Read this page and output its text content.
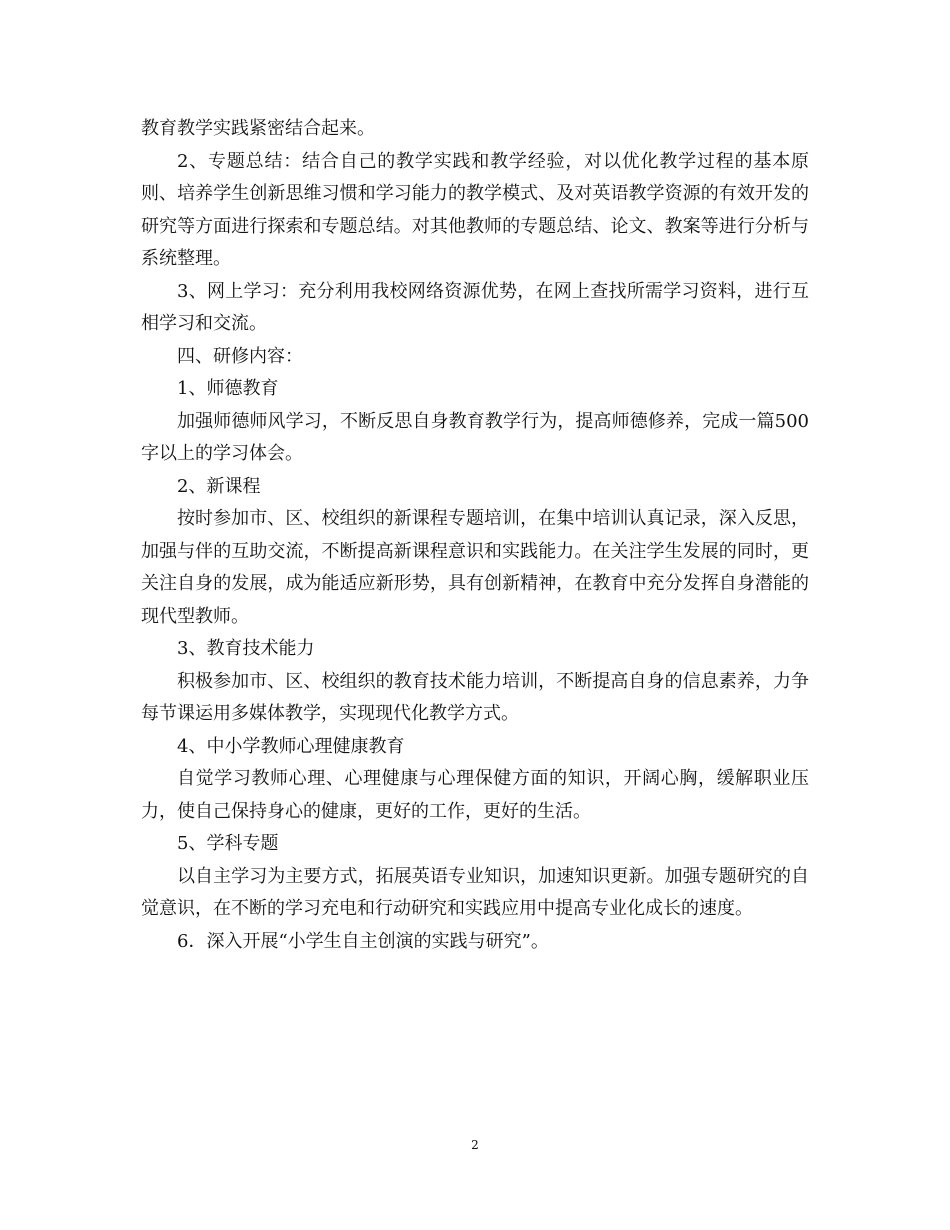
教育教学实践紧密结合起来。

2、专题总结：结合自己的教学实践和教学经验，对以优化教学过程的基本原则、培养学生创新思维习惯和学习能力的教学模式、及对英语教学资源的有效开发的研究等方面进行探索和专题总结。对其他教师的专题总结、论文、教案等进行分析与系统整理。

3、网上学习：充分利用我校网络资源优势，在网上查找所需学习资料，进行互相学习和交流。

四、研修内容：

1、师德教育

加强师德师风学习，不断反思自身教育教学行为，提高师德修养，完成一篇500字以上的学习体会。

2、新课程

按时参加市、区、校组织的新课程专题培训，在集中培训认真记录，深入反思，加强与伴的互助交流，不断提高新课程意识和实践能力。在关注学生发展的同时，更关注自身的发展，成为能适应新形势，具有创新精神，在教育中充分发挥自身潜能的现代型教师。

3、教育技术能力

积极参加市、区、校组织的教育技术能力培训，不断提高自身的信息素养，力争每节课运用多媒体教学，实现现代化教学方式。

4、中小学教师心理健康教育

自觉学习教师心理、心理健康与心理保健方面的知识，开阔心胸，缓解职业压力，使自己保持身心的健康，更好的工作，更好的生活。

5、学科专题

以自主学习为主要方式，拓展英语专业知识，加速知识更新。加强专题研究的自觉意识，在不断的学习充电和行动研究和实践应用中提高专业化成长的速度。

6．深入开展“小学生自主创演的实践与研究”。

2
